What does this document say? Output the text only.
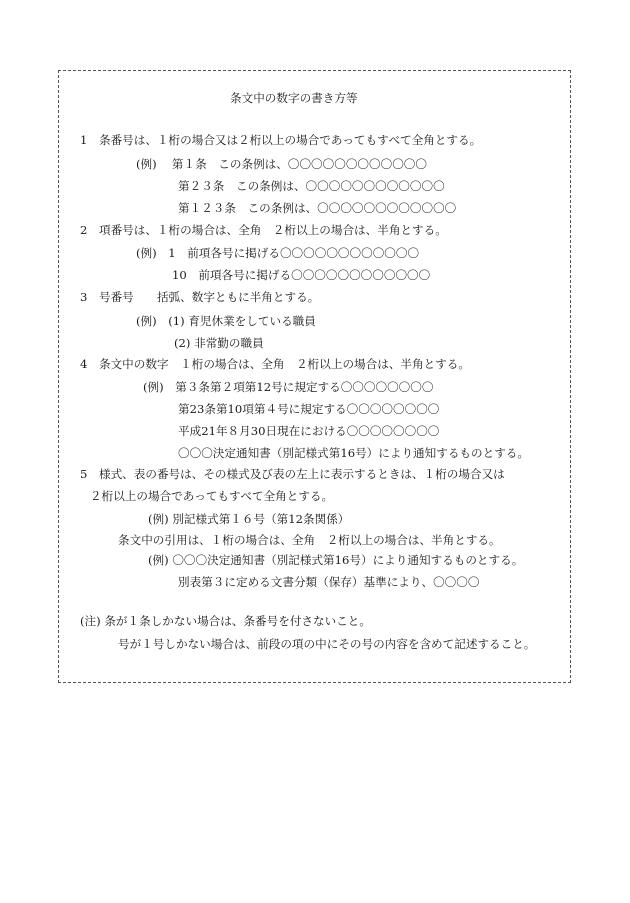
条文中の数字の書き方等
1　条番号は、１桁の場合又は２桁以上の場合であってもすべて全角とする。
(例)　 第１条　この条例は、〇〇〇〇〇〇〇〇〇〇〇〇
第２３条　この条例は、〇〇〇〇〇〇〇〇〇〇〇〇
第１２３条　この条例は、〇〇〇〇〇〇〇〇〇〇〇〇
2　項番号は、１桁の場合は、全角　２桁以上の場合は、半角とする。
(例)　1　前項各号に掲げる〇〇〇〇〇〇〇〇〇〇〇〇
10　前項各号に掲げる〇〇〇〇〇〇〇〇〇〇〇〇
3　号番号　　括弧、数字ともに半角とする。
(例)　(1) 育児休業をしている職員
(2) 非常勤の職員
4　条文中の数字　１桁の場合は、全角　２桁以上の場合は、半角とする。
(例)　第３条第２項第12号に規定する〇〇〇〇〇〇〇〇
第23条第10項第４号に規定する〇〇〇〇〇〇〇〇
平成21年８月30日現在における〇〇〇〇〇〇〇〇
〇〇〇決定通知書（別記様式第16号）により通知するものとする。
5　様式、表の番号は、その様式及び表の左上に表示するときは、１桁の場合又は
２桁以上の場合であってもすべて全角とする。
(例) 別記様式第１６号（第12条関係）
条文中の引用は、１桁の場合は、全角　２桁以上の場合は、半角とする。
(例) 〇〇〇決定通知書（別記様式第16号）により通知するものとする。
別表第３に定める文書分類（保存）基準により、〇〇〇〇
(注) 条が１条しかない場合は、条番号を付さないこと。
号が１号しかない場合は、前段の項の中にその号の内容を含めて記述すること。
